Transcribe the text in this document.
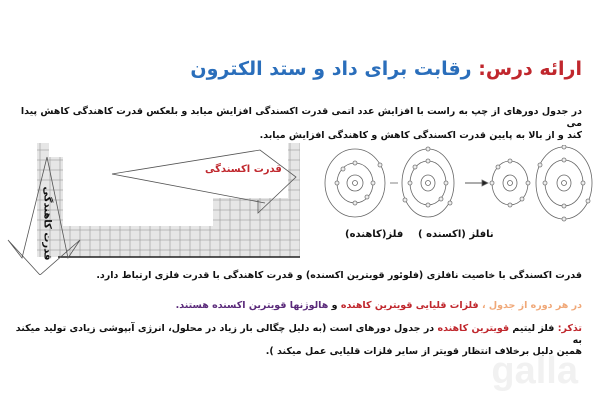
galla
ارائه درس: رقابت برای داد و ستد الکترون
در جدول دورهای از چپ به راست با افزایش عدد اتمی قدرت اکسندگی افزایش میابد و بلعکس قدرت کاهندگی کاهش پیدا می
کند و از بالا به پایین قدرت اکسندگی کاهش و کاهندگی افزایش میابد.
قدرت اکسندگی
قدرت کاهندگی	(کاهنده)فلز ( اکسنده) نافلز
قدرت اکسندگی با خاصیت نافلزی (فلوئور قویترین اکسنده) و قدرت کاهندگی با قدرت فلزی ارتباط دارد.
در هر دوره از جدول ، فلزات قلیایی قویترین کاهنده و هالوژنها قویترین اکسنده هستند.
تذکر: فلز لیتیم قویترین کاهنده در جدول دورهای است (به دلیل چگالی بار زیاد در محلول، انرژی آبپوشی زیادی تولید میکند به
همین دلیل برخلاف انتظار قویتر از سایر فلزات قلیایی عمل میکند ).
